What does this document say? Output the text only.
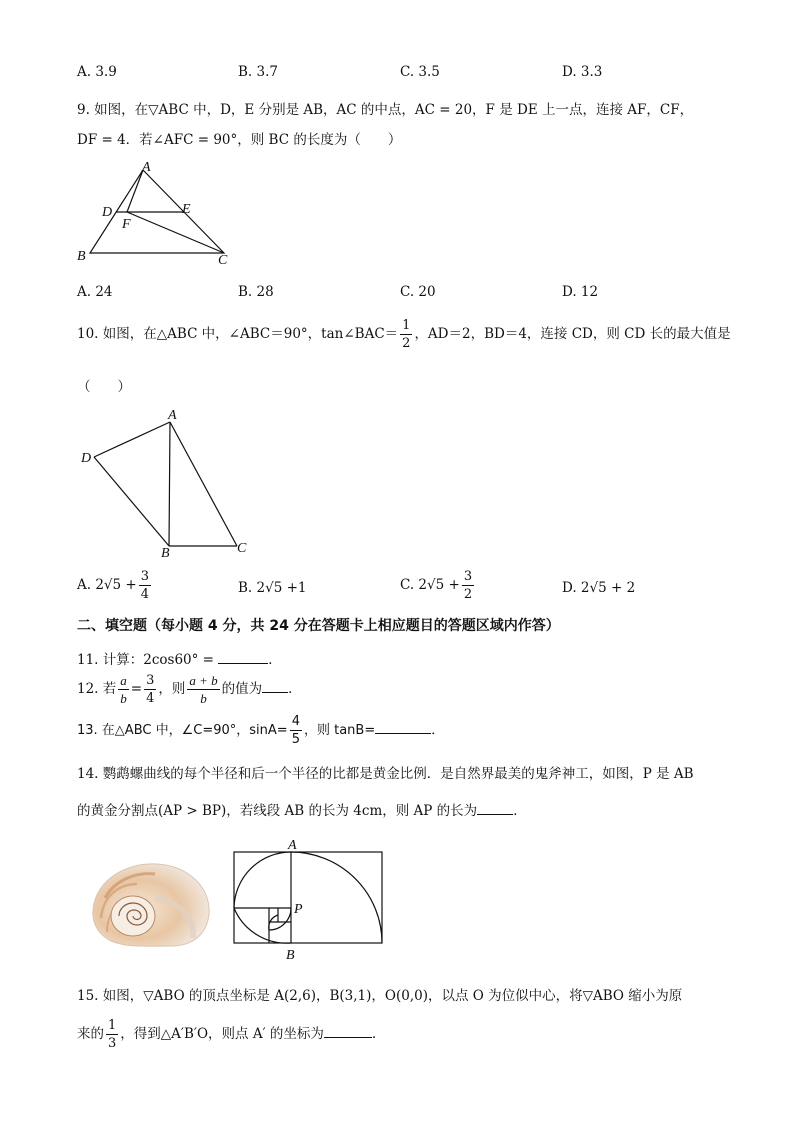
A. 3.9	B. 3.7	C. 3.5	D. 3.3
9. 如图，在▽ABC 中，D，E 分别是 AB，AC 的中点，AC = 20，F 是 DE 上一点，连接 AF，CF，
DF = 4．若∠AFC = 90°，则 BC 的长度为（　　）
A
D	E
F
B	C
A. 24	B. 28	C. 20	D. 12
10. 如图，在△ABC 中，∠ABC＝90°，tan∠BAC＝ $\frac{1}{2}$ ，AD＝2，BD＝4，连接 CD，则 CD 长的最大值是
（　　）
A
D
B	C
A. $2√5 + \frac{3}{4}$	B. 2√5 +1	C. $2√5 + \frac{3}{2}$	D. 2√5 + 2
二、填空题（每小题 4 分，共 24 分在答题卡上相应题目的答题区域内作答）
11. 计算：2cos60° =	．
12. 若 $\frac{a}{b} = \frac{3}{4}$ ，则 $\frac{a + b}{b}$ 的值为 ．
13. 在△ABC 中，∠C=90°，$\sin A= \frac{4}{5}$ ，则 tanB=	．
14. 鹦鹉螺曲线的每个半径和后一个半径的比都是黄金比例．是自然界最美的鬼斧神工，如图，P 是 AB
的黄金分割点(AP > BP)，若线段 AB 的长为 4cm，则 AP 的长为	．
A
P
B
15. 如图，▽ABO 的顶点坐标是 A(2,6)，B(3,1)，O(0,0)，以点 O 为位似中心，将▽ABO 缩小为原
来的 $\frac{1}{3}$ ，得到△A′B′O，则点 A′ 的坐标为	．
